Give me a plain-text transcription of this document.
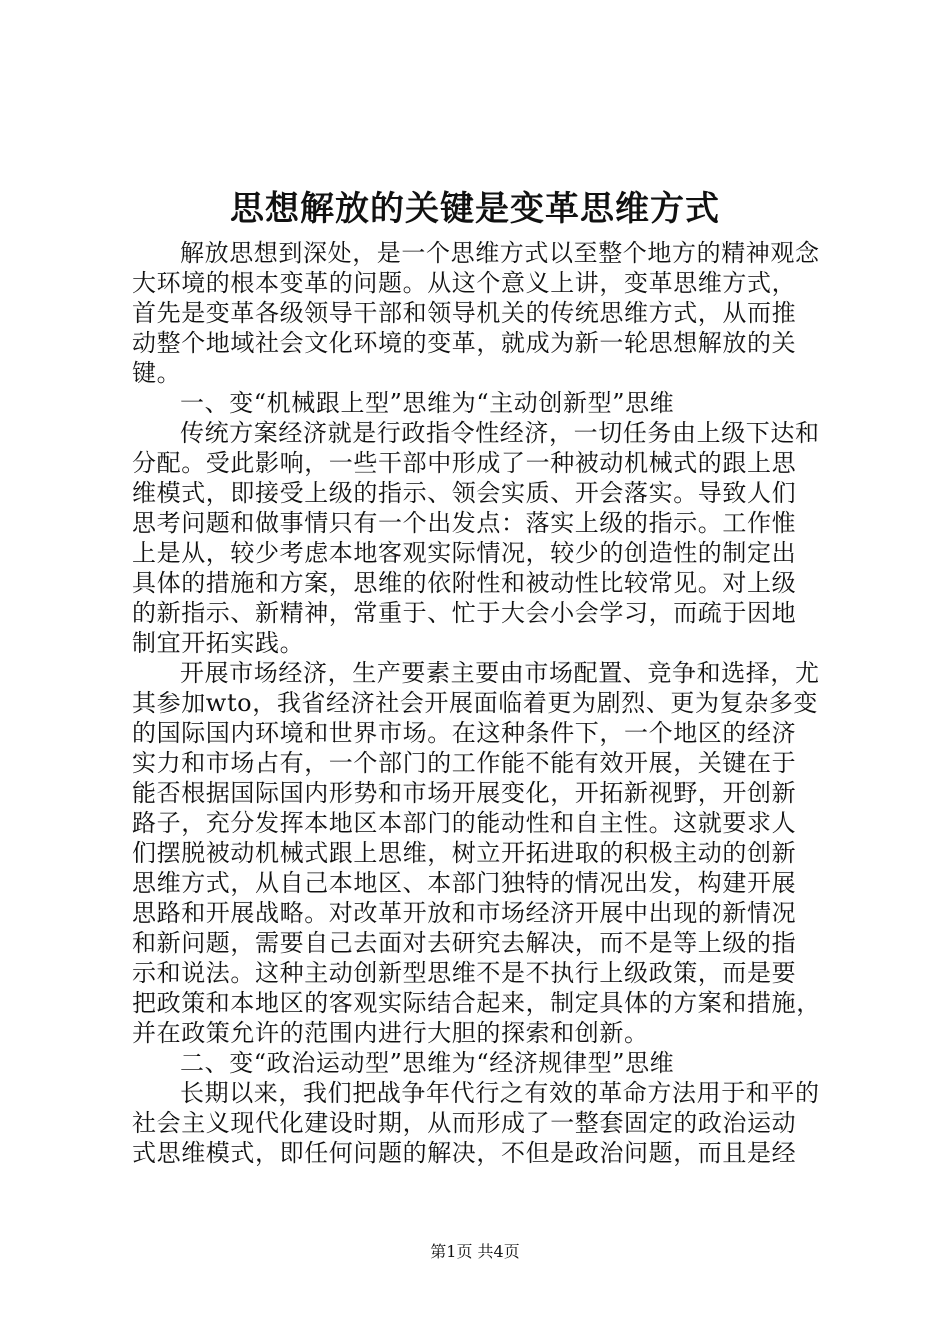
思想解放的关键是变革思维方式
解放思想到深处，是一个思维方式以至整个地方的精神观念
大环境的根本变革的问题。从这个意义上讲，变革思维方式，
首先是变革各级领导干部和领导机关的传统思维方式，从而推
动整个地域社会文化环境的变革，就成为新一轮思想解放的关
键。
一、变“机械跟上型”思维为“主动创新型”思维
传统方案经济就是行政指令性经济，一切任务由上级下达和
分配。受此影响，一些干部中形成了一种被动机械式的跟上思
维模式，即接受上级的指示、领会实质、开会落实。导致人们
思考问题和做事情只有一个出发点：落实上级的指示。工作惟
上是从，较少考虑本地客观实际情况，较少的创造性的制定出
具体的措施和方案，思维的依附性和被动性比较常见。对上级
的新指示、新精神，常重于、忙于大会小会学习，而疏于因地
制宜开拓实践。
开展市场经济，生产要素主要由市场配置、竞争和选择，尤
其参加wto，我省经济社会开展面临着更为剧烈、更为复杂多变
的国际国内环境和世界市场。在这种条件下，一个地区的经济
实力和市场占有，一个部门的工作能不能有效开展，关键在于
能否根据国际国内形势和市场开展变化，开拓新视野，开创新
路子，充分发挥本地区本部门的能动性和自主性。这就要求人
们摆脱被动机械式跟上思维，树立开拓进取的积极主动的创新
思维方式，从自己本地区、本部门独特的情况出发，构建开展
思路和开展战略。对改革开放和市场经济开展中出现的新情况
和新问题，需要自己去面对去研究去解决，而不是等上级的指
示和说法。这种主动创新型思维不是不执行上级政策，而是要
把政策和本地区的客观实际结合起来，制定具体的方案和措施，
并在政策允许的范围内进行大胆的探索和创新。
二、变“政治运动型”思维为“经济规律型”思维
长期以来，我们把战争年代行之有效的革命方法用于和平的
社会主义现代化建设时期，从而形成了一整套固定的政治运动
式思维模式，即任何问题的解决，不但是政治问题，而且是经
第1页 共4页
